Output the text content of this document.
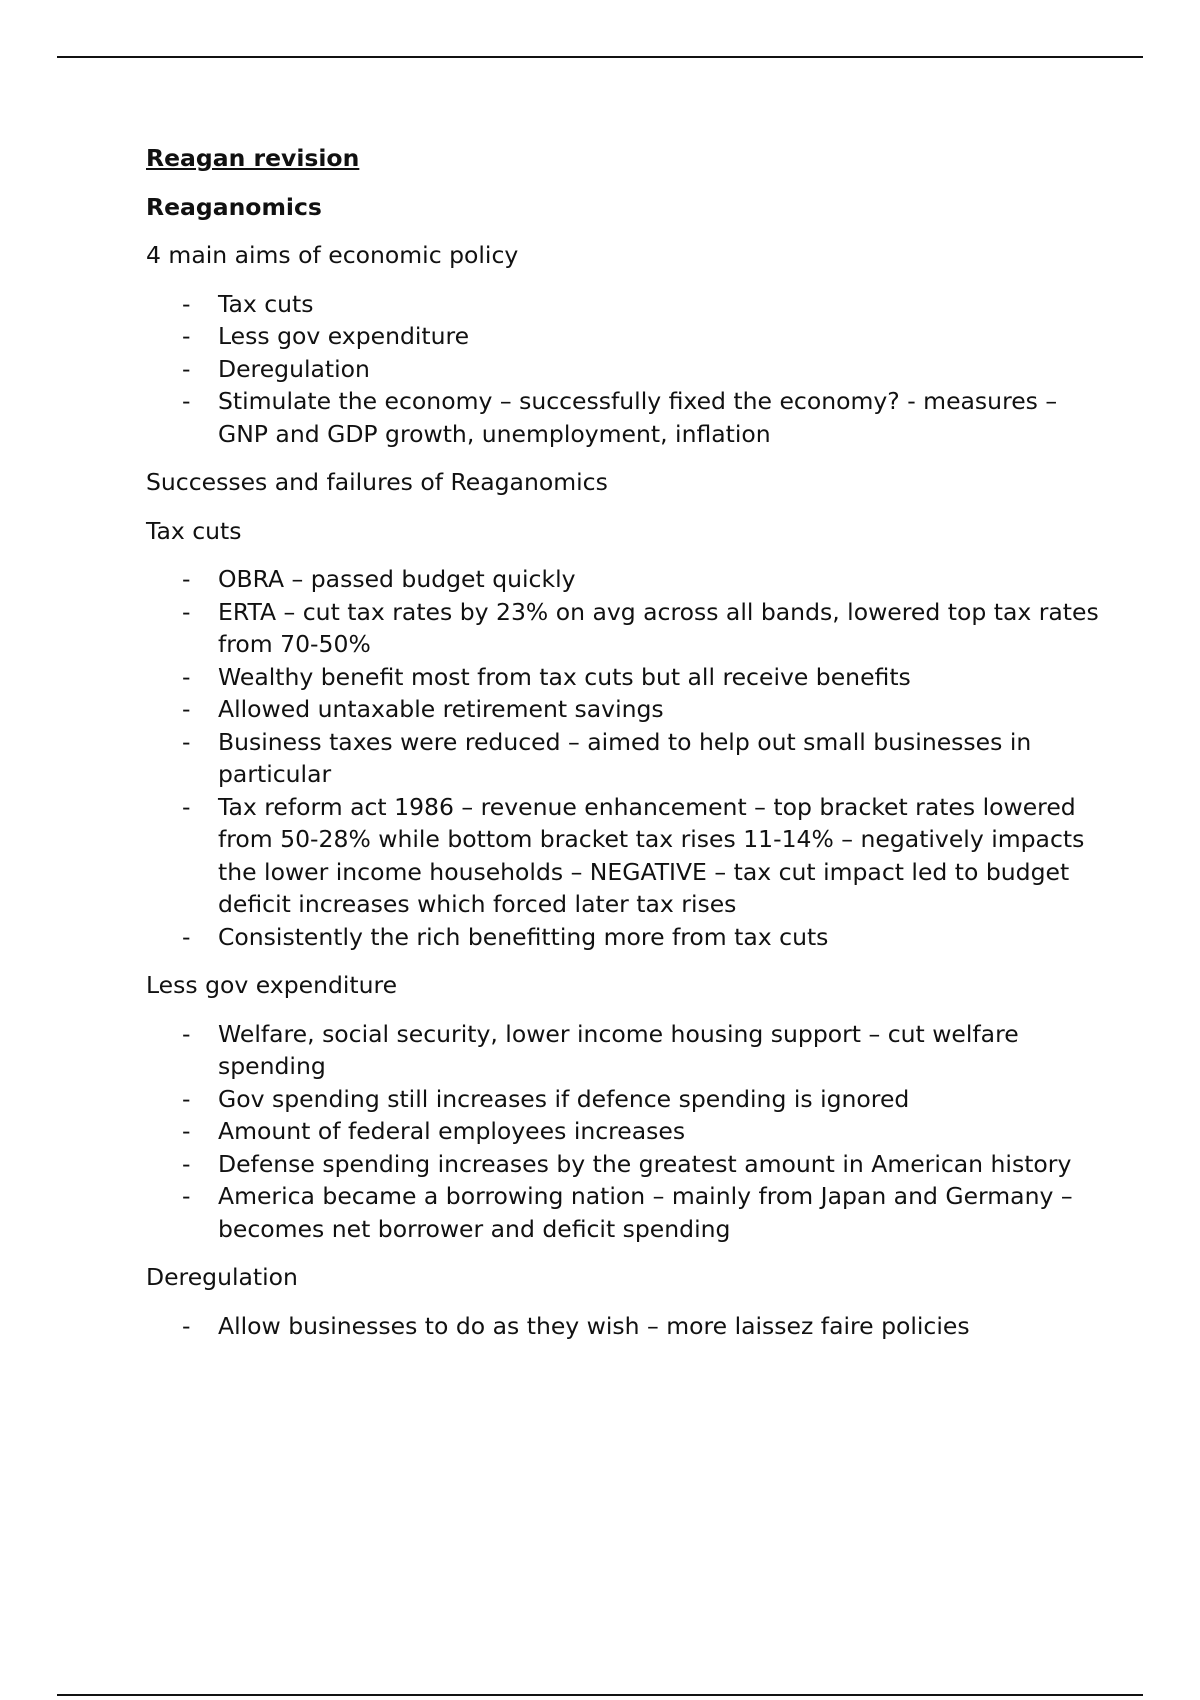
Reagan revision

Reaganomics

4 main aims of economic policy

- Tax cuts
- Less gov expenditure
- Deregulation
- Stimulate the economy – successfully fixed the economy? - measures – GNP and GDP growth, unemployment, inflation

Successes and failures of Reaganomics

Tax cuts

- OBRA – passed budget quickly
- ERTA – cut tax rates by 23% on avg across all bands, lowered top tax rates from 70-50%
- Wealthy benefit most from tax cuts but all receive benefits
- Allowed untaxable retirement savings
- Business taxes were reduced – aimed to help out small businesses in particular
- Tax reform act 1986 – revenue enhancement – top bracket rates lowered from 50-28% while bottom bracket tax rises 11-14% – negatively impacts the lower income households – NEGATIVE – tax cut impact led to budget deficit increases which forced later tax rises
- Consistently the rich benefitting more from tax cuts

Less gov expenditure

- Welfare, social security, lower income housing support – cut welfare spending
- Gov spending still increases if defence spending is ignored
- Amount of federal employees increases
- Defense spending increases by the greatest amount in American history
- America became a borrowing nation – mainly from Japan and Germany – becomes net borrower and deficit spending

Deregulation

- Allow businesses to do as they wish – more laissez faire policies
